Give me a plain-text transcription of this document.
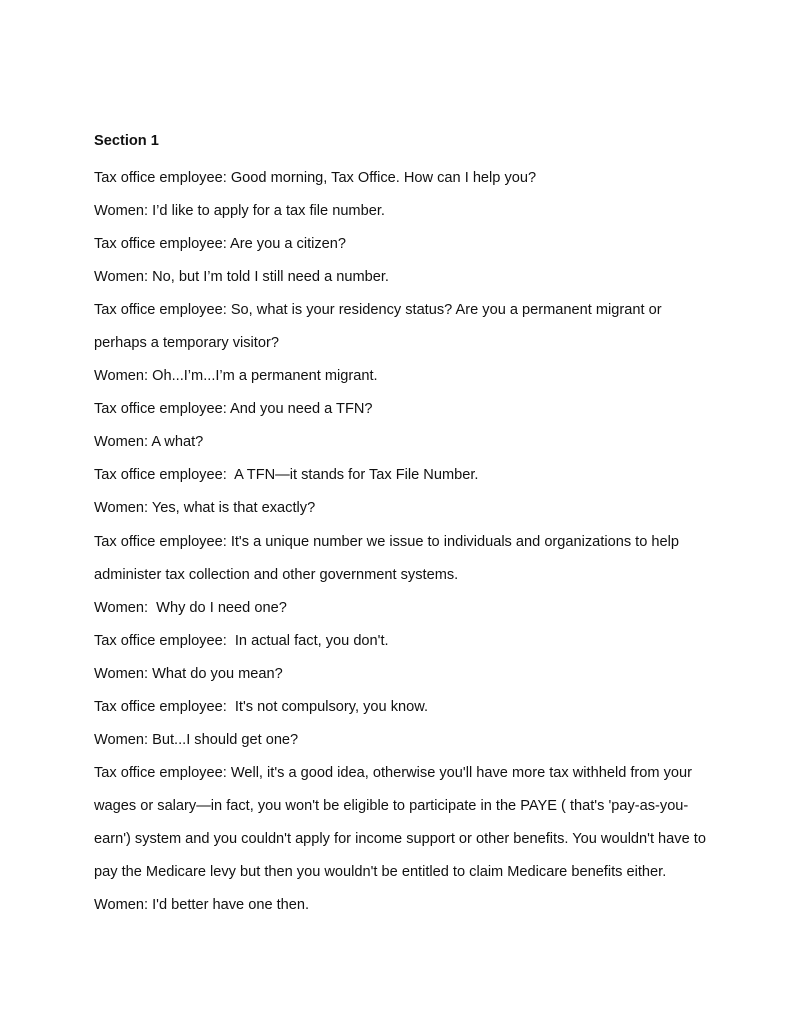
Section 1
Tax office employee: Good morning, Tax Office. How can I help you?
Women: I’d like to apply for a tax file number.
Tax office employee: Are you a citizen?
Women: No, but I’m told I still need a number.
Tax office employee: So, what is your residency status? Are you a permanent migrant or
perhaps a temporary visitor?
Women: Oh...I’m...I’m a permanent migrant.
Tax office employee: And you need a TFN?
Women: A what?
Tax office employee:  A TFN—it stands for Tax File Number.
Women: Yes, what is that exactly?
Tax office employee: It's a unique number we issue to individuals and organizations to help
administer tax collection and other government systems.
Women:  Why do I need one?
Tax office employee:  In actual fact, you don't.
Women: What do you mean?
Tax office employee:  It's not compulsory, you know.
Women: But...I should get one?
Tax office employee: Well, it's a good idea, otherwise you'll have more tax withheld from your
wages or salary—in fact, you won't be eligible to participate in the PAYE ( that's 'pay-as-you-
earn') system and you couldn't apply for income support or other benefits. You wouldn't have to
pay the Medicare levy but then you wouldn't be entitled to claim Medicare benefits either.
Women: I'd better have one then.
